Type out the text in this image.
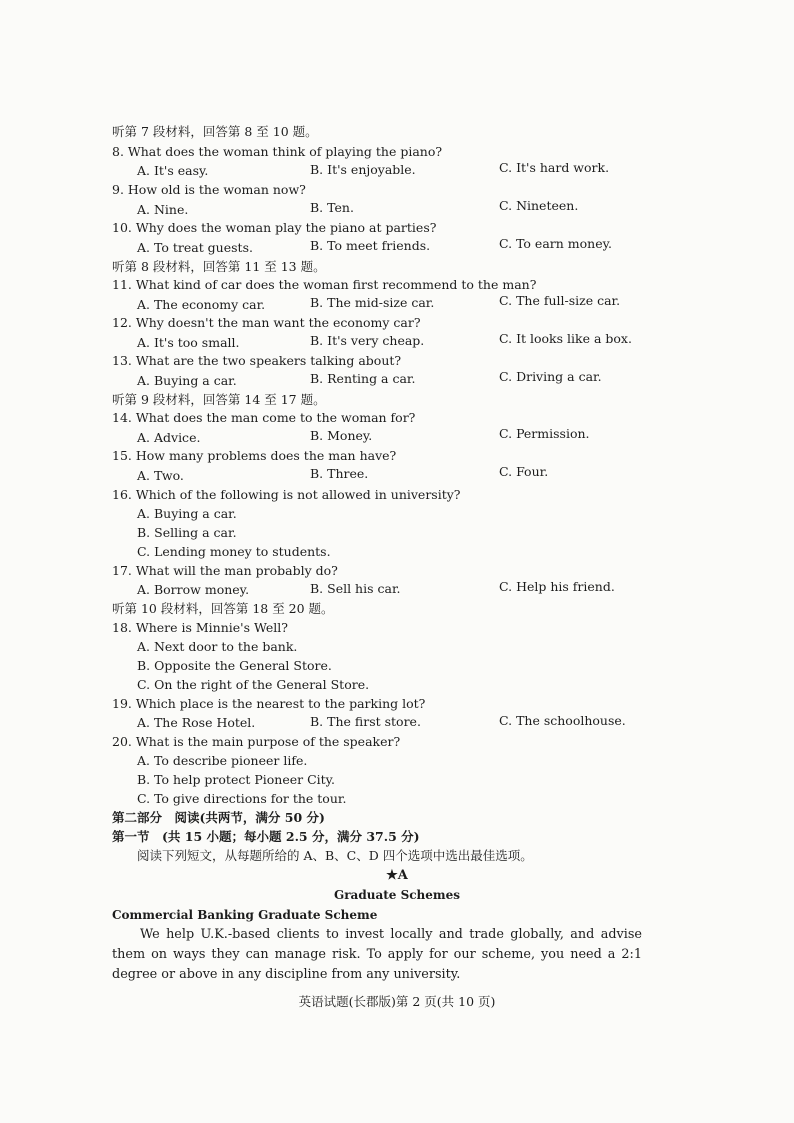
听第 7 段材料，回答第 8 至 10 题。
8. What does the woman think of playing the piano?
A. It's easy.	B. It's enjoyable.	C. It's hard work.
9. How old is the woman now?
A. Nine.	B. Ten.	C. Nineteen.
10. Why does the woman play the piano at parties?
A. To treat guests.	B. To meet friends.	C. To earn money.
听第 8 段材料，回答第 11 至 13 题。
11. What kind of car does the woman first recommend to the man?
A. The economy car.	B. The mid-size car.	C. The full-size car.
12. Why doesn't the man want the economy car?
A. It's too small.	B. It's very cheap.	C. It looks like a box.
13. What are the two speakers talking about?
A. Buying a car.	B. Renting a car.	C. Driving a car.
听第 9 段材料，回答第 14 至 17 题。
14. What does the man come to the woman for?
A. Advice.	B. Money.	C. Permission.
15. How many problems does the man have?
A. Two.	B. Three.	C. Four.
16. Which of the following is not allowed in university?
A. Buying a car.
B. Selling a car.
C. Lending money to students.
17. What will the man probably do?
A. Borrow money.	B. Sell his car.	C. Help his friend.
听第 10 段材料，回答第 18 至 20 题。
18. Where is Minnie's Well?
A. Next door to the bank.
B. Opposite the General Store.
C. On the right of the General Store.
19. Which place is the nearest to the parking lot?
A. The Rose Hotel.	B. The first store.	C. The schoolhouse.
20. What is the main purpose of the speaker?
A. To describe pioneer life.
B. To help protect Pioneer City.
C. To give directions for the tour.
第二部分　阅读(共两节，满分 50 分)
第一节　(共 15 小题；每小题 2.5 分，满分 37.5 分)
阅读下列短文，从每题所给的 A、B、C、D 四个选项中选出最佳选项。
★A
Graduate Schemes
Commercial Banking Graduate Scheme
We help U.K.-based clients to invest locally and trade globally, and advise them on ways they can manage risk. To apply for our scheme, you need a 2:1 degree or above in any discipline from any university.
英语试题(长郡版)第 2 页(共 10 页)
